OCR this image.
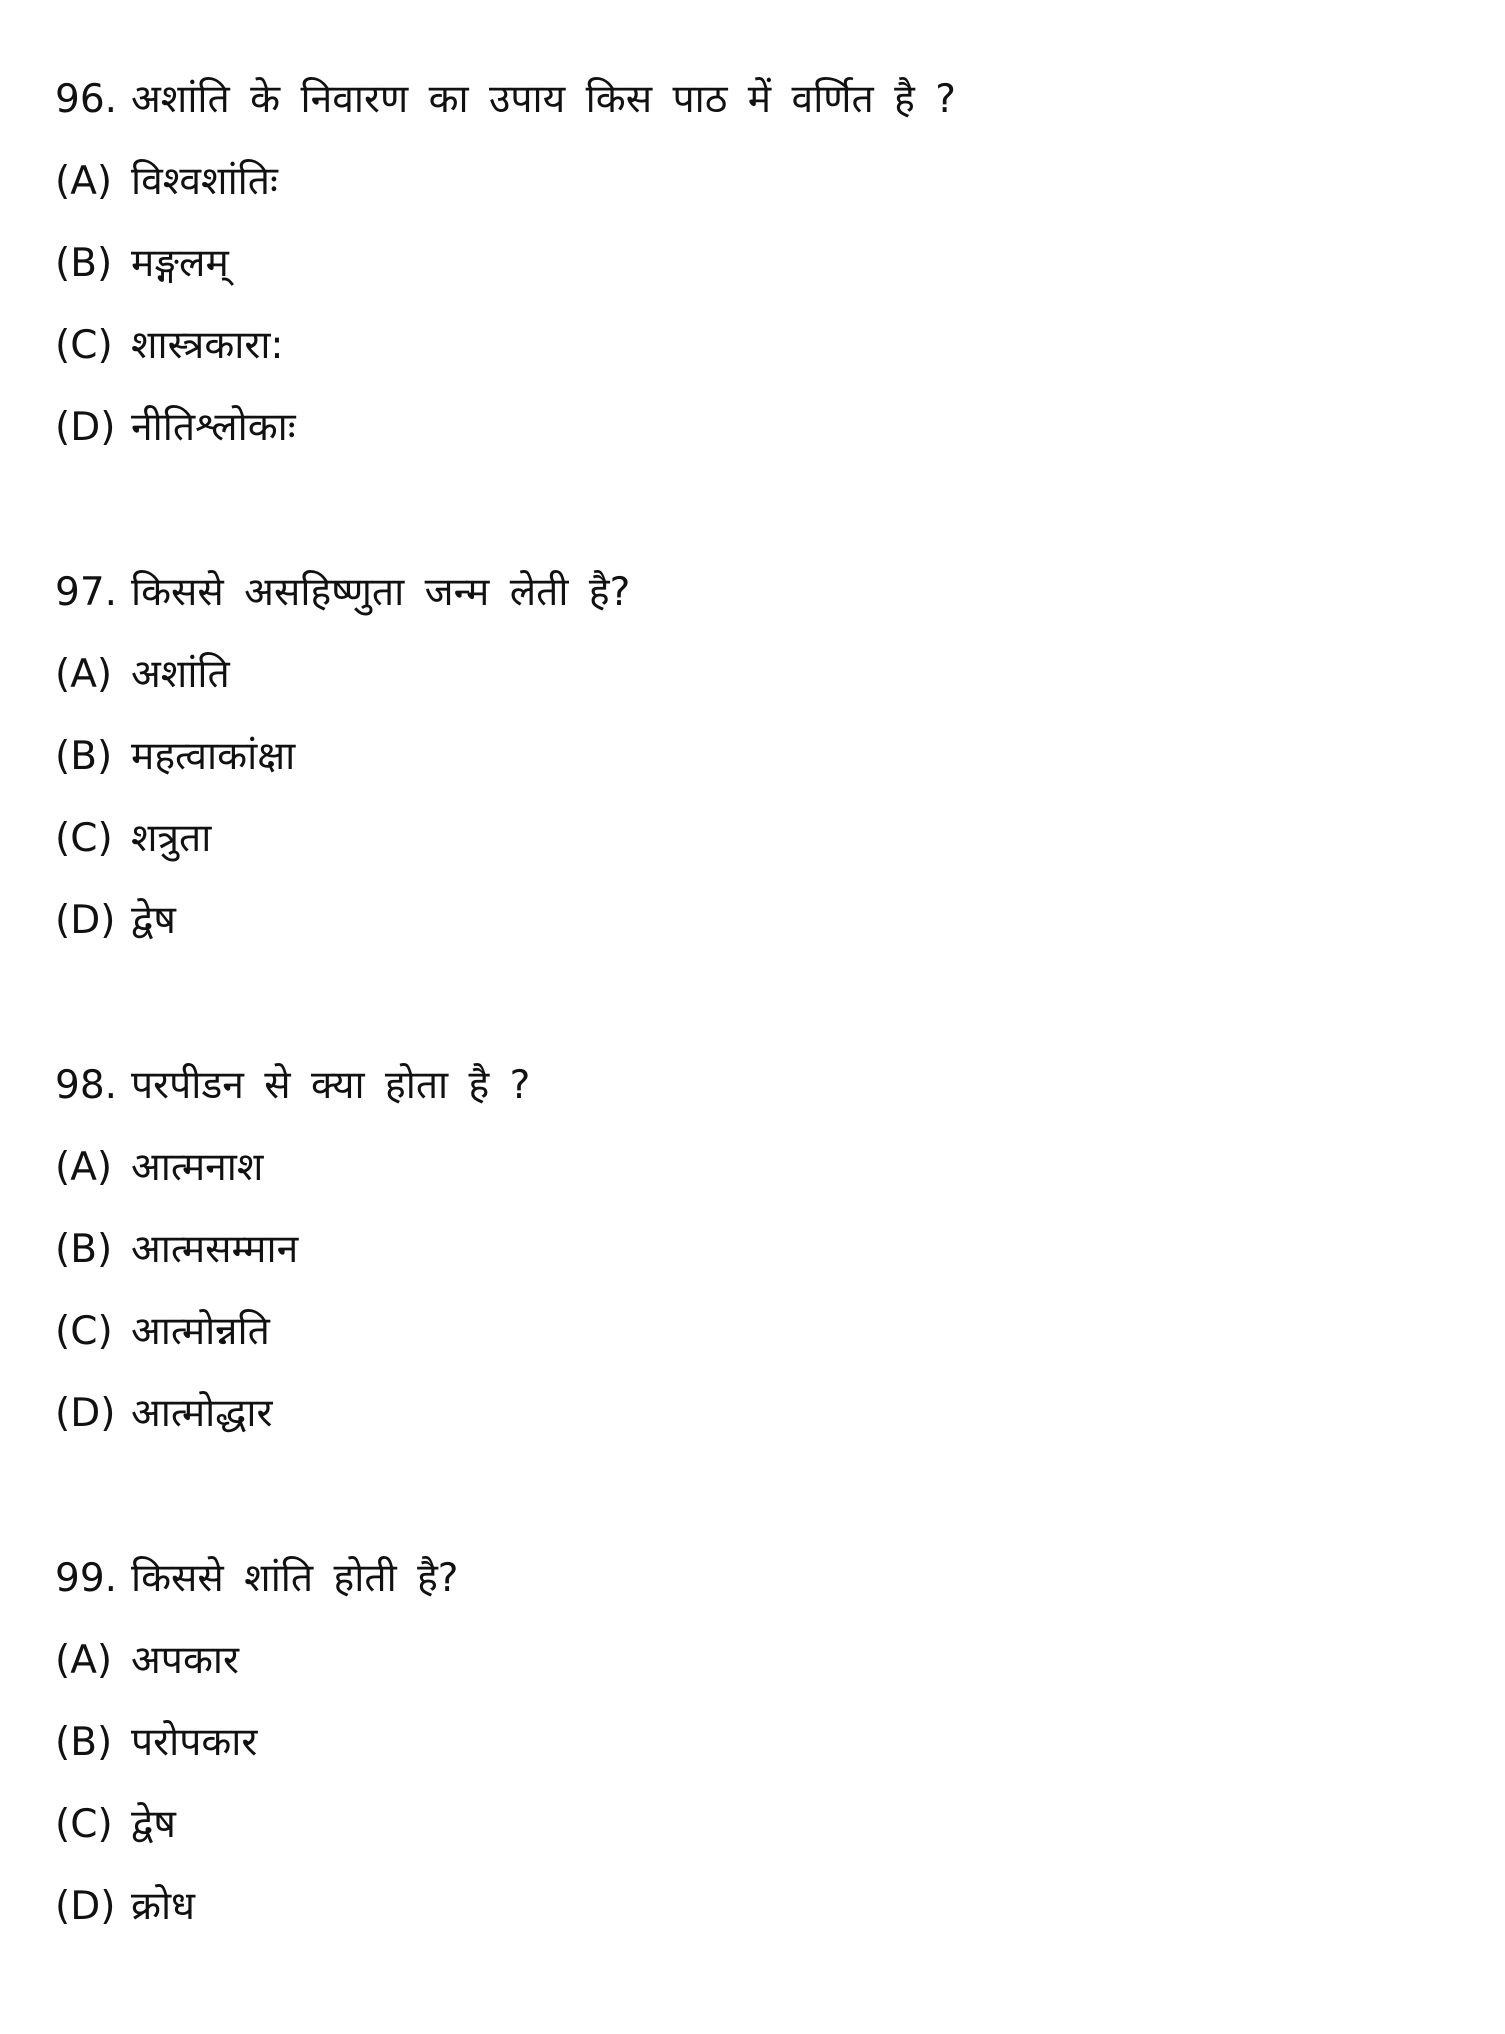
96. अशांति के निवारण का उपाय किस पाठ में वर्णित है ?
(A) विश्वशांतिः
(B) मङ्गलम्
(C) शास्त्रकारा:
(D) नीतिश्लोकाः
97. किससे असहिष्णुता जन्म लेती है?
(A) अशांति
(B) महत्वाकांक्षा
(C) शत्रुता
(D) द्वेष
98. परपीडन से क्या होता है ?
(A) आत्मनाश
(B) आत्मसम्मान
(C) आत्मोन्नति
(D) आत्मोद्धार
99. किससे शांति होती है?
(A) अपकार
(B) परोपकार
(C) द्वेष
(D) क्रोध
